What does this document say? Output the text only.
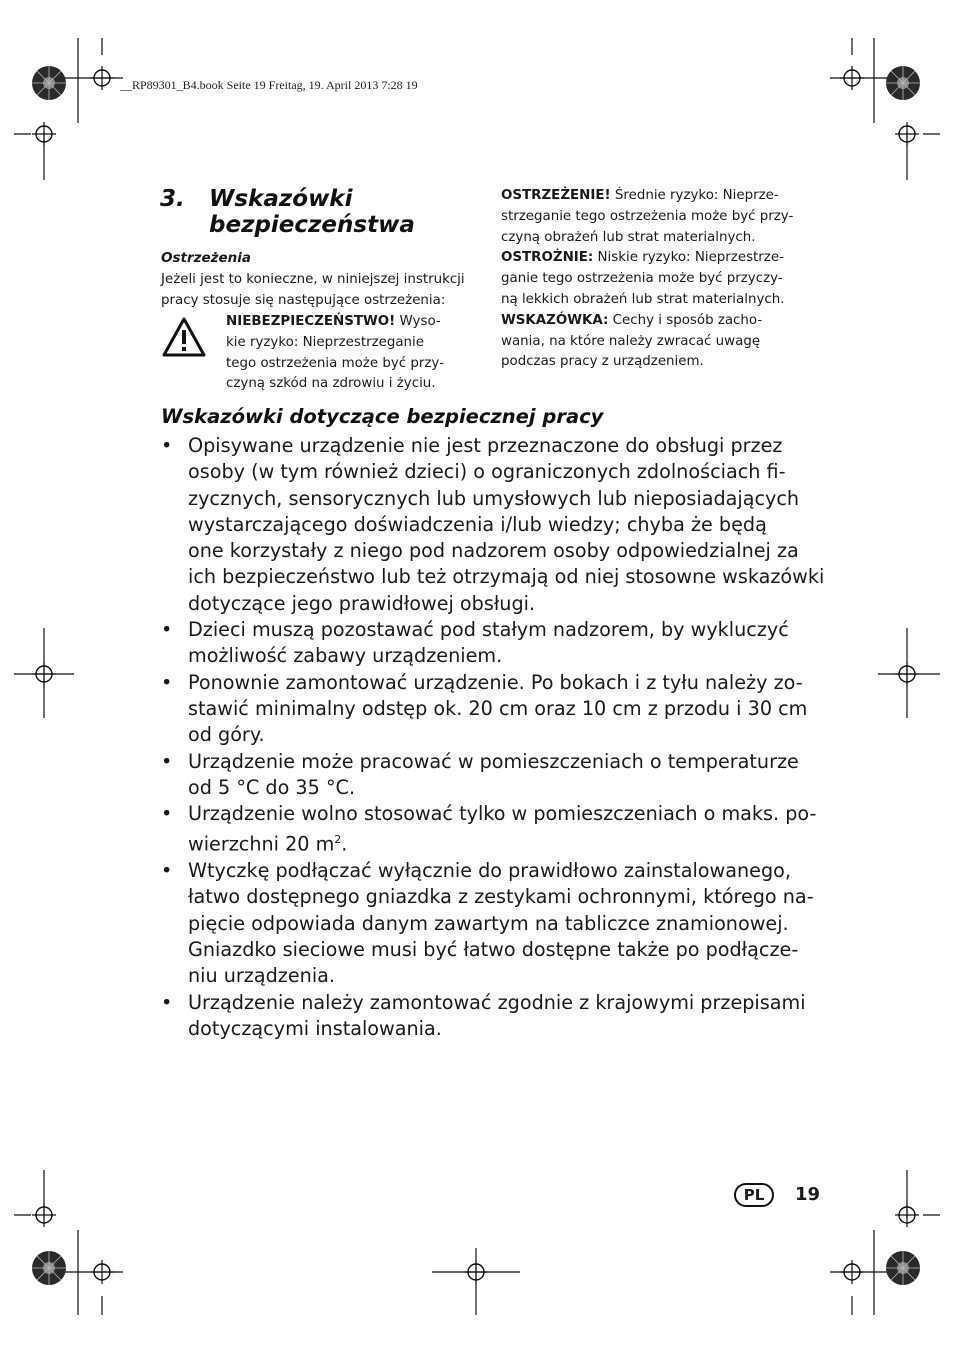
__RP89301_B4.book Seite 19 Freitag, 19. April 2013 7:28 19
3. Wskazówki
bezpieczeństwa
Ostrzeżenia
Jeżeli jest to konieczne, w niniejszej instrukcji
pracy stosuje się następujące ostrzeżenia:
NIEBEZPIECZEŃSTWO! Wyso-
kie ryzyko: Nieprzestrzeganie
tego ostrzeżenia może być przy-
czyną szkód na zdrowiu i życiu.
OSTRZEŻENIE! Średnie ryzyko: Nieprze-
strzeganie tego ostrzeżenia może być przy-
czyną obrażeń lub strat materialnych.
OSTROŻNIE: Niskie ryzyko: Nieprzestrze-
ganie tego ostrzeżenia może być przyczy-
ną lekkich obrażeń lub strat materialnych.
WSKAZÓWKA: Cechy i sposób zacho-
wania, na które należy zwracać uwagę
podczas pracy z urządzeniem.
Wskazówki dotyczące bezpiecznej pracy
• Opisywane urządzenie nie jest przeznaczone do obsługi przez
osoby (w tym również dzieci) o ograniczonych zdolnościach fi-
zycznych, sensorycznych lub umysłowych lub nieposiadających
wystarczającego doświadczenia i/lub wiedzy; chyba że będą
one korzystały z niego pod nadzorem osoby odpowiedzialnej za
ich bezpieczeństwo lub też otrzymają od niej stosowne wskazówki
dotyczące jego prawidłowej obsługi.
• Dzieci muszą pozostawać pod stałym nadzorem, by wykluczyć
możliwość zabawy urządzeniem.
• Ponownie zamontować urządzenie. Po bokach i z tyłu należy zo-
stawić minimalny odstęp ok. 20 cm oraz 10 cm z przodu i 30 cm
od góry.
• Urządzenie może pracować w pomieszczeniach o temperaturze
od 5 °C do 35 °C.
• Urządzenie wolno stosować tylko w pomieszczeniach o maks. po-
wierzchni 20 $m^2$.
• Wtyczkę podłączać wyłącznie do prawidłowo zainstalowanego,
łatwo dostępnego gniazdka z zestykami ochronnymi, którego na-
pięcie odpowiada danym zawartym na tabliczce znamionowej.
Gniazdko sieciowe musi być łatwo dostępne także po podłącze-
niu urządzenia.
• Urządzenie należy zamontować zgodnie z krajowymi przepisami
dotyczącymi instalowania.
PL	19
